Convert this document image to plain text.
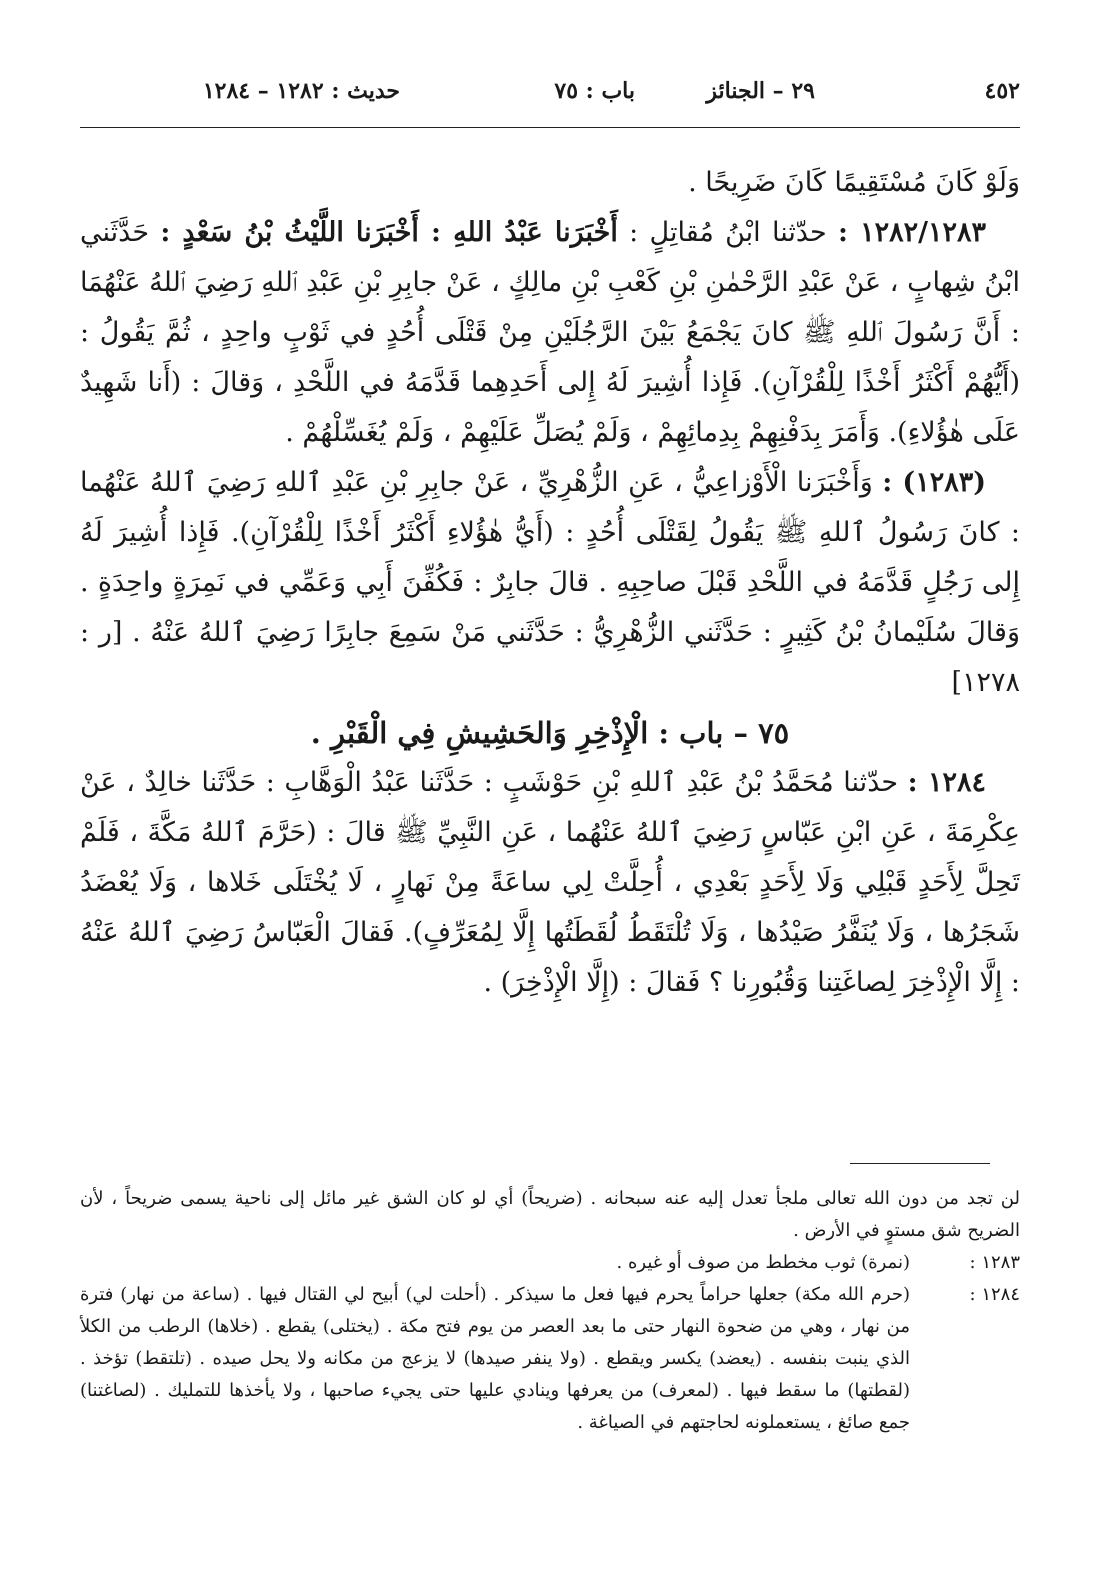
٤٥٢
٢٩ – الجنائز
باب : ٧٥
حديث : ١٢٨٢ – ١٢٨٤

وَلَوْ كَانَ مُسْتَقِيمًا كَانَ ضَرِيحًا .

١٢٨٢/١٢٨٣ : حدّثنا ابْنُ مُقاتِلٍ : أَخْبَرَنا عَبْدُ اللهِ : أَخْبَرَنا اللَّيْثُ بْنُ سَعْدٍ : حَدَّثَني ابْنُ شِهابٍ ، عَنْ عَبْدِ الرَّحْمٰنِ بْنِ كَعْبِ بْنِ مالِكٍ ، عَنْ جابِرِ بْنِ عَبْدِ ٱللهِ رَضِيَ ٱللهُ عَنْهُمَا : أَنَّ رَسُولَ ٱللهِ ﷺ كانَ يَجْمَعُ بَيْنَ الرَّجُلَيْنِ مِنْ قَتْلَى أُحُدٍ في ثَوْبٍ واحِدٍ ، ثُمَّ يَقُولُ : (أَيُّهُمْ أَكْثَرُ أَخْذًا لِلْقُرْآنِ). فَإِذا أُشِيرَ لَهُ إِلى أَحَدِهِما قَدَّمَهُ في اللَّحْدِ ، وَقالَ : (أَنا شَهِيدٌ عَلَى هٰؤُلاءِ). وَأَمَرَ بِدَفْنِهِمْ بِدِمائِهِمْ ، وَلَمْ يُصَلِّ عَلَيْهِمْ ، وَلَمْ يُغَسِّلْهُمْ .

(١٢٨٣) : وَأَخْبَرَنا الْأَوْزاعِيُّ ، عَنِ الزُّهْرِيِّ ، عَنْ جابِرِ بْنِ عَبْدِ ٱللهِ رَضِيَ ٱللهُ عَنْهُما : كانَ رَسُولُ ٱللهِ ﷺ يَقُولُ لِقَتْلَى أُحُدٍ : (أَيُّ هٰؤُلاءِ أَكْثَرُ أَخْذًا لِلْقُرْآنِ). فَإِذا أُشِيرَ لَهُ إِلى رَجُلٍ قَدَّمَهُ في اللَّحْدِ قَبْلَ صاحِبِهِ . قالَ جابِرٌ : فَكُفِّنَ أَبِي وَعَمِّي في نَمِرَةٍ واحِدَةٍ . وَقالَ سُلَيْمانُ بْنُ كَثِيرٍ : حَدَّثَني الزُّهْرِيُّ : حَدَّثَني مَنْ سَمِعَ جابِرًا رَضِيَ ٱللهُ عَنْهُ . [ر : ١٢٧٨]

٧٥ – باب : الْإِذْخِرِ وَالحَشِيشِ فِي الْقَبْرِ .

١٢٨٤ : حدّثنا مُحَمَّدُ بْنُ عَبْدِ ٱللهِ بْنِ حَوْشَبٍ : حَدَّثَنا عَبْدُ الْوَهَّابِ : حَدَّثَنا خالِدٌ ، عَنْ عِكْرِمَةَ ، عَنِ ابْنِ عَبّاسٍ رَضِيَ ٱللهُ عَنْهُما ، عَنِ النَّبِيِّ ﷺ قالَ : (حَرَّمَ ٱللهُ مَكَّةَ ، فَلَمْ تَحِلَّ لِأَحَدٍ قَبْلِي وَلَا لِأَحَدٍ بَعْدِي ، أُحِلَّتْ لِي ساعَةً مِنْ نَهارٍ ، لَا يُخْتَلَى خَلاها ، وَلَا يُعْضَدُ شَجَرُها ، وَلَا يُنَفَّرُ صَيْدُها ، وَلَا تُلْتَقَطُ لُقَطَتُها إِلَّا لِمُعَرِّفٍ). فَقالَ الْعَبّاسُ رَضِيَ ٱللهُ عَنْهُ : إِلَّا الْإِذْخِرَ لِصاغَتِنا وَقُبُورِنا ؟ فَقالَ : (إِلَّا الْإِذْخِرَ) .

لن تجد من دون الله تعالى ملجأ تعدل إليه عنه سبحانه . (ضريحاً) أي لو كان الشق غير مائل إلى ناحية يسمى ضريحاً ، لأن الضريح شق مستوٍ في الأرض .

١٢٨٣ :
(نمرة) ثوب مخطط من صوف أو غيره .
١٢٨٤ :
(حرم الله مكة) جعلها حراماً يحرم فيها فعل ما سيذكر . (أحلت لي) أبيح لي القتال فيها . (ساعة من نهار) فترة من نهار ، وهي من ضحوة النهار حتى ما بعد العصر من يوم فتح مكة . (يختلى) يقطع . (خلاها) الرطب من الكلأ الذي ينبت بنفسه . (يعضد) يكسر ويقطع . (ولا ينفر صيدها) لا يزعج من مكانه ولا يحل صيده . (تلتقط) تؤخذ . (لقطتها) ما سقط فيها . (لمعرف) من يعرفها وينادي عليها حتى يجيء صاحبها ، ولا يأخذها للتمليك . (لصاغتنا) جمع صائغ ، يستعملونه لحاجتهم في الصياغة .
